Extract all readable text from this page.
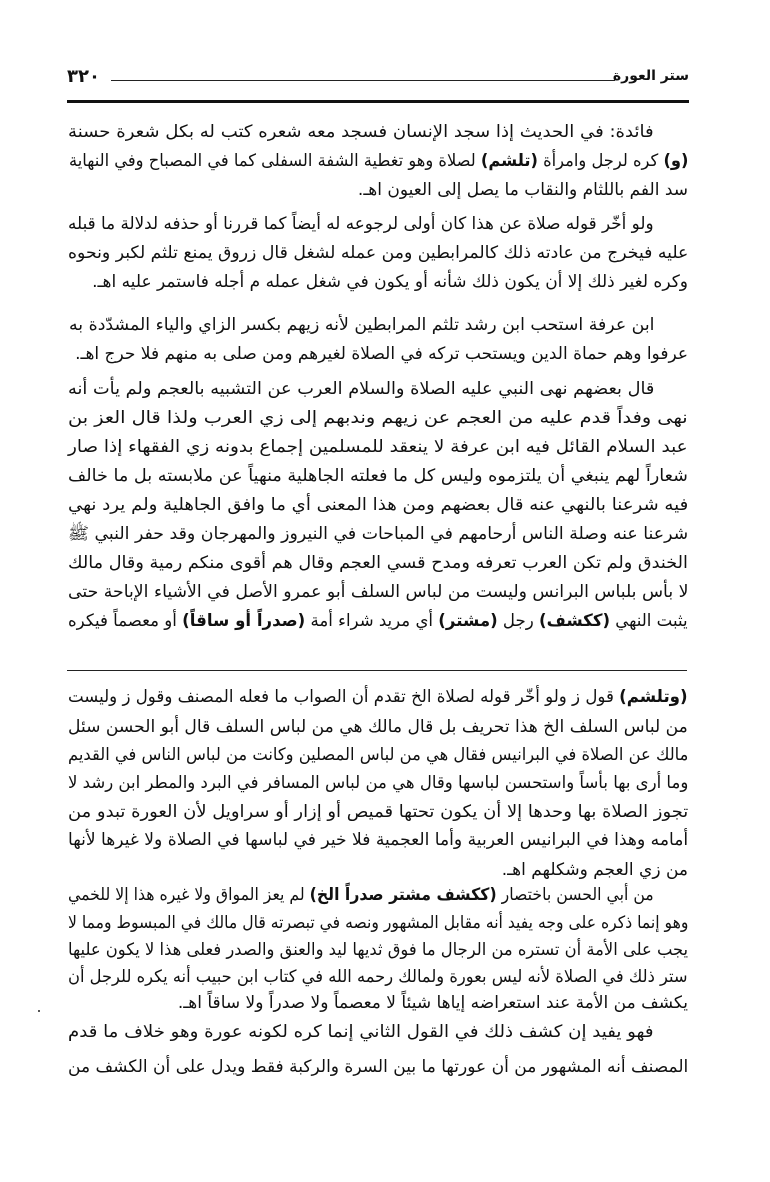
٣٢٠	ستر العورة
فائدة: في الحديث إذا سجد الإنسان فسجد معه شعره كتب له بكل شعرة حسنة
(و) كره لرجل وامرأة (تلشم) لصلاة وهو تغطية الشفة السفلى كما في المصباح وفي النهاية
سد الفم باللثام والنقاب ما يصل إلى العيون اهـ.
ولو أخّر قوله صلاة عن هذا كان أولى لرجوعه له أيضاً كما قررنا أو حذفه لدلالة ما قبله
عليه فيخرج من عادته ذلك كالمرابطين ومن عمله لشغل قال زروق يمنع تلثم لكبر ونحوه
وكره لغير ذلك إلا أن يكون ذلك شأنه أو يكون في شغل عمله م أجله فاستمر عليه اهـ.
ابن عرفة استحب ابن رشد تلثم المرابطين لأنه زيهم بكسر الزاي والياء المشدّدة به
عرفوا وهم حماة الدين ويستحب تركه في الصلاة لغيرهم ومن صلى به منهم فلا حرج اهـ.
قال بعضهم نهى النبي عليه الصلاة والسلام العرب عن التشبيه بالعجم ولم يأت أنه
نهى وفداً قدم عليه من العجم عن زيهم وندبهم إلى زي العرب ولذا قال العز بن
عبد السلام القائل فيه ابن عرفة لا ينعقد للمسلمين إجماع بدونه زي الفقهاء إذا صار
شعاراً لهم ينبغي أن يلتزموه وليس كل ما فعلته الجاهلية منهياً عن ملابسته بل ما خالف
فيه شرعنا بالنهي عنه قال بعضهم ومن هذا المعنى أي ما وافق الجاهلية ولم يرد نهي
شرعنا عنه وصلة الناس أرحامهم في المباحات في النيروز والمهرجان وقد حفر النبي ﷺ
الخندق ولم تكن العرب تعرفه ومدح قسي العجم وقال هم أقوى منكم رمية وقال مالك
لا بأس بلباس البرانس وليست من لباس السلف أبو عمرو الأصل في الأشياء الإباحة حتى
يثبت النهي (ككشف) رجل (مشتر) أي مريد شراء أمة (صدراً أو ساقاً) أو معصماً فيكره
(وتلشم) قول ز ولو أخّر قوله لصلاة الخ تقدم أن الصواب ما فعله المصنف وقول ز وليست
من لباس السلف الخ هذا تحريف بل قال مالك هي من لباس السلف قال أبو الحسن سئل
مالك عن الصلاة في البرانيس فقال هي من لباس المصلين وكانت من لباس الناس في القديم
وما أرى بها بأساً واستحسن لباسها وقال هي من لباس المسافر في البرد والمطر ابن رشد لا
تجوز الصلاة بها وحدها إلا أن يكون تحتها قميص أو إزار أو سراويل لأن العورة تبدو من
أمامه وهذا في البرانيس العربية وأما العجمية فلا خير في لباسها في الصلاة ولا غيرها لأنها
من زي العجم وشكلهم اهـ.
من أبي الحسن باختصار (ككشف مشتر صدراً الخ) لم يعز المواق ولا غيره هذا إلا للخمي
وهو إنما ذكره على وجه يفيد أنه مقابل المشهور ونصه في تبصرته قال مالك في المبسوط ومما لا
يجب على الأمة أن تستره من الرجال ما فوق ثديها ليد والعنق والصدر فعلى هذا لا يكون عليها
ستر ذلك في الصلاة لأنه ليس بعورة ولمالك رحمه الله في كتاب ابن حبيب أنه يكره للرجل أن
يكشف من الأمة عند استعراضه إياها شيئاً لا معصماً ولا صدراً ولا ساقاً اهـ.
فهو يفيد إن كشف ذلك في القول الثاني إنما كره لكونه عورة وهو خلاف ما قدم
المصنف أنه المشهور من أن عورتها ما بين السرة والركبة فقط ويدل على أن الكشف من
